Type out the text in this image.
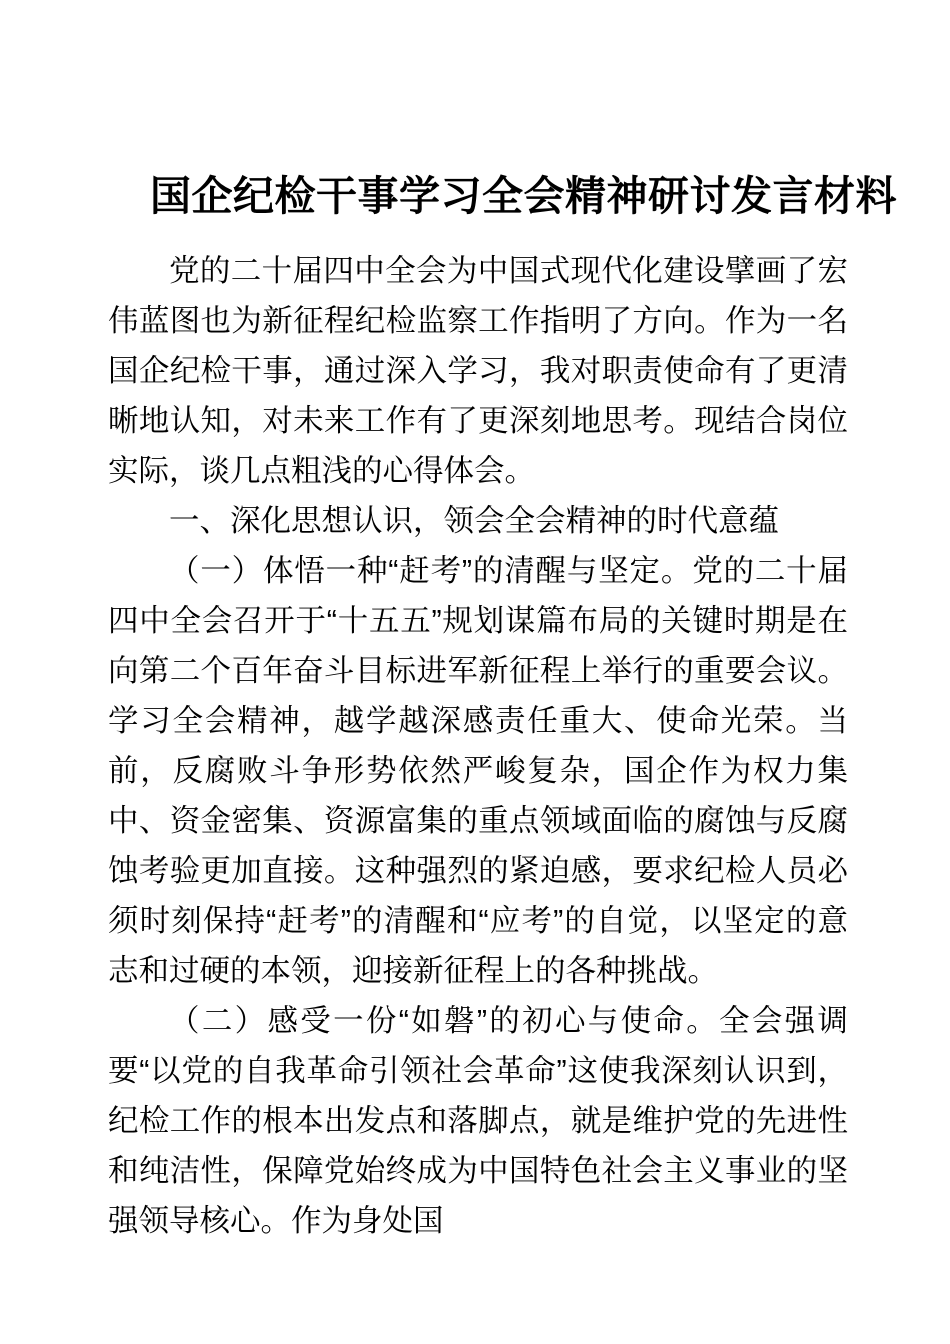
国企纪检干事学习全会精神研讨发言材料

党的二十届四中全会为中国式现代化建设擘画了宏伟蓝图也为新征程纪检监察工作指明了方向。作为一名国企纪检干事，通过深入学习，我对职责使命有了更清晰地认知，对未来工作有了更深刻地思考。现结合岗位实际，谈几点粗浅的心得体会。

一、深化思想认识，领会全会精神的时代意蕴

（一）体悟一种“赶考”的清醒与坚定。党的二十届四中全会召开于“十五五”规划谋篇布局的关键时期是在向第二个百年奋斗目标进军新征程上举行的重要会议。学习全会精神，越学越深感责任重大、使命光荣。当前，反腐败斗争形势依然严峻复杂，国企作为权力集中、资金密集、资源富集的重点领域面临的腐蚀与反腐蚀考验更加直接。这种强烈的紧迫感，要求纪检人员必须时刻保持“赶考”的清醒和“应考”的自觉，以坚定的意志和过硬的本领，迎接新征程上的各种挑战。

（二）感受一份“如磐”的初心与使命。全会强调要“以党的自我革命引领社会革命”这使我深刻认识到，纪检工作的根本出发点和落脚点，就是维护党的先进性和纯洁性，保障党始终成为中国特色社会主义事业的坚强领导核心。作为身处国
